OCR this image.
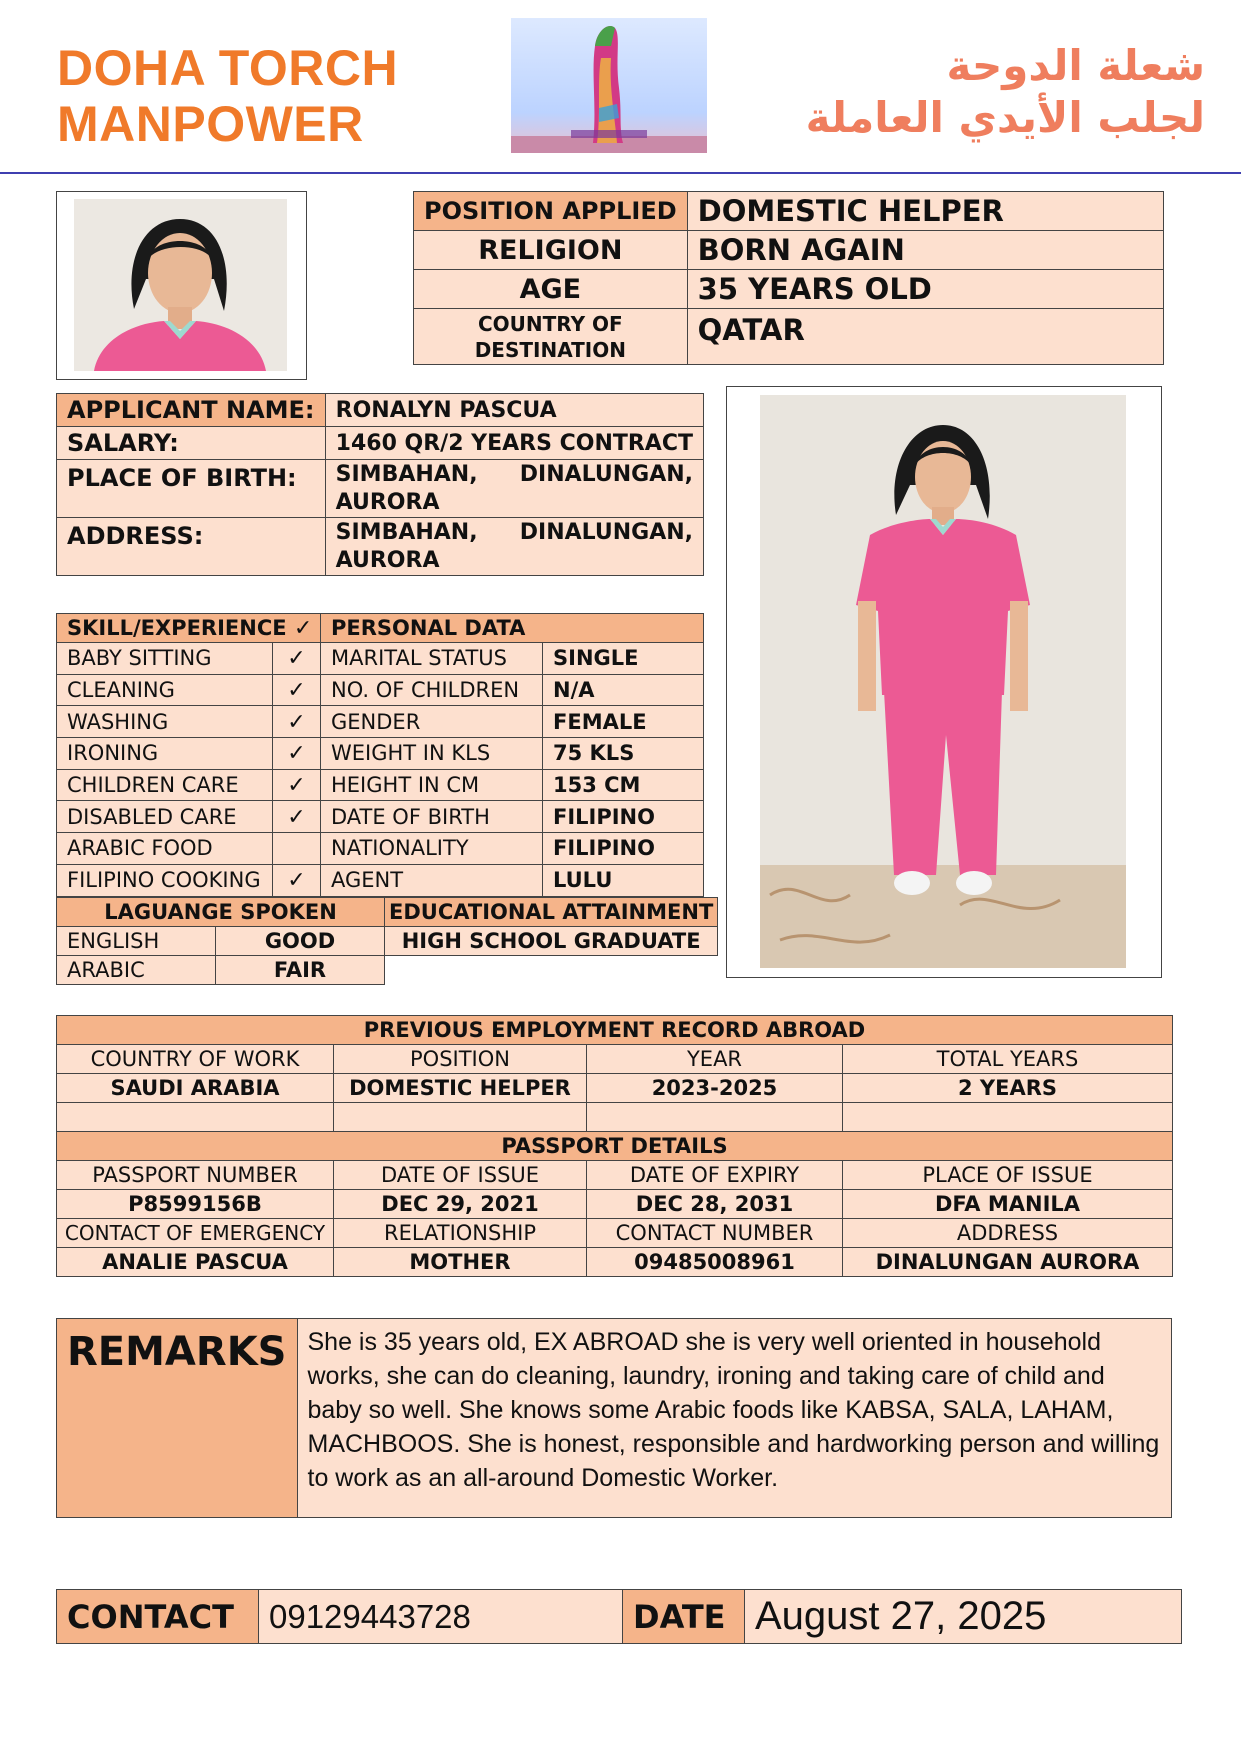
DOHA TORCH
MANPOWER
شعلة الدوحة
لجلب الأيدي العاملة
POSITION APPLIED	DOMESTIC HELPER
RELIGION	BORN AGAIN
AGE	35 YEARS OLD
COUNTRY OF DESTINATION	QATAR
APPLICANT NAME:	RONALYN PASCUA
SALARY:	1460 QR/2 YEARS CONTRACT
PLACE OF BIRTH:	SIMBAHAN, DINALUNGAN,
AURORA

ADDRESS:	SIMBAHAN, DINALUNGAN,
AURORA
SKILL/EXPERIENCE ✓		PERSONAL DATA	
BABY SITTING	✓	MARITAL STATUS	SINGLE
CLEANING	✓	NO. OF CHILDREN	N/A
WASHING	✓	GENDER	FEMALE
IRONING	✓	WEIGHT IN KLS	75 KLS
CHILDREN CARE	✓	HEIGHT IN CM	153 CM
DISABLED CARE	✓	DATE OF BIRTH	FILIPINO
ARABIC FOOD		NATIONALITY	FILIPINO
FILIPINO COOKING	✓	AGENT	LULU
LAGUANGE SPOKEN	
ENGLISH	GOOD
ARABIC	FAIR
EDUCATIONAL ATTAINMENT
HIGH SCHOOL GRADUATE
PREVIOUS EMPLOYMENT RECORD ABROAD			
COUNTRY OF WORK	POSITION	YEAR	TOTAL YEARS
SAUDI ARABIA	DOMESTIC HELPER	2023-2025	2 YEARS

PASSPORT DETAILS			
PASSPORT NUMBER	DATE OF ISSUE	DATE OF EXPIRY	PLACE OF ISSUE
P8599156B	DEC 29, 2021	DEC 28, 2031	DFA MANILA
CONTACT OF EMERGENCY	RELATIONSHIP	CONTACT NUMBER	ADDRESS
ANALIE PASCUA	MOTHER	09485008961	DINALUNGAN AURORA
REMARKS	She is 35 years old, EX ABROAD she is very well oriented in household works, she can do cleaning, laundry, ironing and taking care of child and baby so well. She knows some Arabic foods like KABSA, SALA, LAHAM, MACHBOOS. She is honest, responsible and hardworking person and willing to work as an all-around Domestic Worker.
CONTACT	09129443728	DATE	August 27, 2025
